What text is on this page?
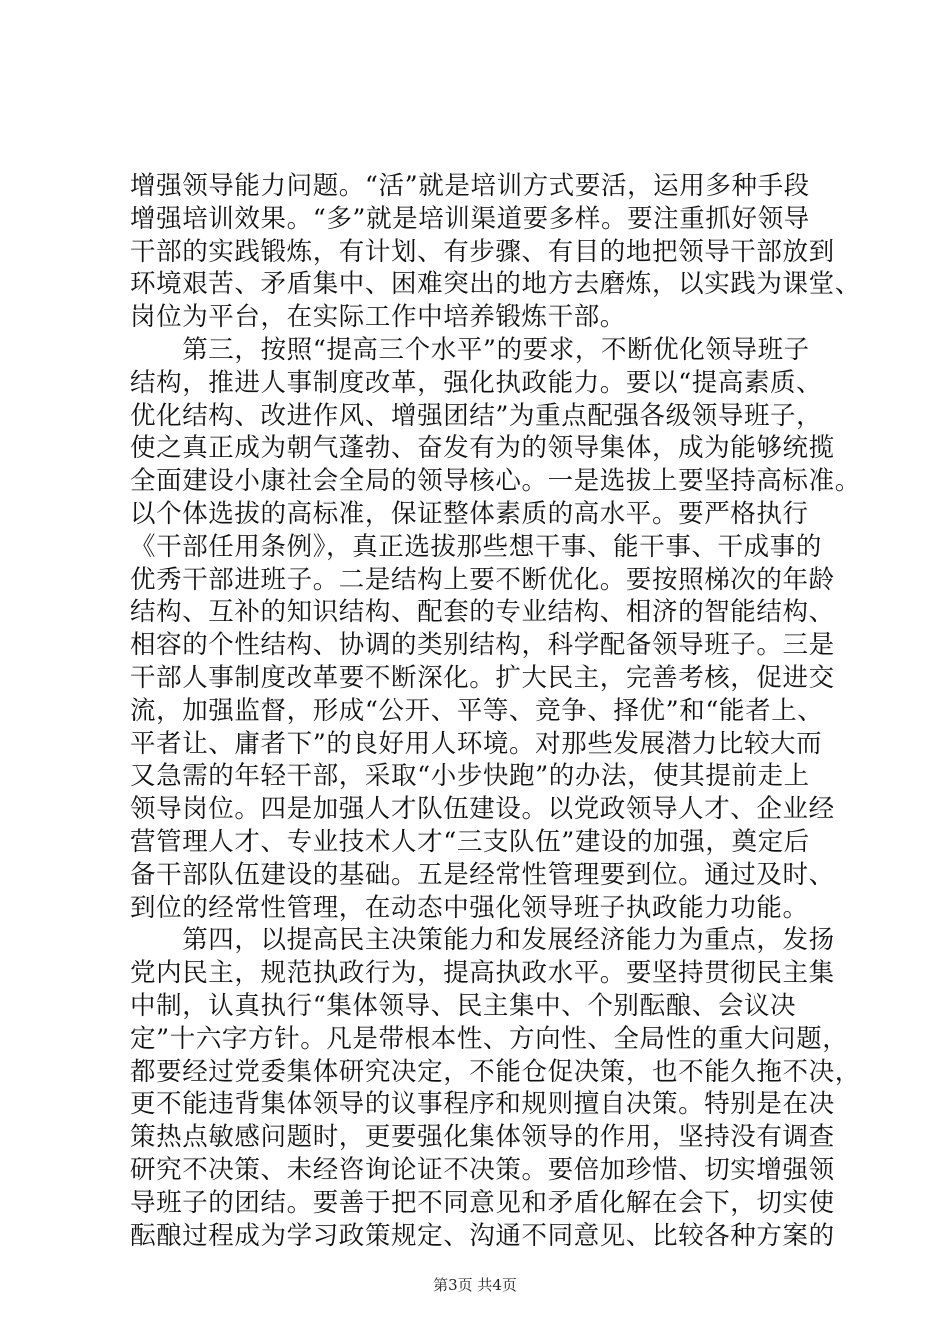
增强领导能力问题。“活”就是培训方式要活，运用多种手段
增强培训效果。“多”就是培训渠道要多样。要注重抓好领导
干部的实践锻炼，有计划、有步骤、有目的地把领导干部放到
环境艰苦、矛盾集中、困难突出的地方去磨炼，以实践为课堂、
岗位为平台，在实际工作中培养锻炼干部。
　　第三，按照“提高三个水平”的要求，不断优化领导班子
结构，推进人事制度改革，强化执政能力。要以“提高素质、
优化结构、改进作风、增强团结”为重点配强各级领导班子，
使之真正成为朝气蓬勃、奋发有为的领导集体，成为能够统揽
全面建设小康社会全局的领导核心。一是选拔上要坚持高标准。
以个体选拔的高标准，保证整体素质的高水平。要严格执行
《干部任用条例》，真正选拔那些想干事、能干事、干成事的
优秀干部进班子。二是结构上要不断优化。要按照梯次的年龄
结构、互补的知识结构、配套的专业结构、相济的智能结构、
相容的个性结构、协调的类别结构，科学配备领导班子。三是
干部人事制度改革要不断深化。扩大民主，完善考核，促进交
流，加强监督，形成“公开、平等、竞争、择优”和“能者上、
平者让、庸者下”的良好用人环境。对那些发展潜力比较大而
又急需的年轻干部，采取“小步快跑”的办法，使其提前走上
领导岗位。四是加强人才队伍建设。以党政领导人才、企业经
营管理人才、专业技术人才“三支队伍”建设的加强，奠定后
备干部队伍建设的基础。五是经常性管理要到位。通过及时、
到位的经常性管理，在动态中强化领导班子执政能力功能。
　　第四，以提高民主决策能力和发展经济能力为重点，发扬
党内民主，规范执政行为，提高执政水平。要坚持贯彻民主集
中制，认真执行“集体领导、民主集中、个别酝酿、会议决
定”十六字方针。凡是带根本性、方向性、全局性的重大问题，
都要经过党委集体研究决定，不能仓促决策，也不能久拖不决，
更不能违背集体领导的议事程序和规则擅自决策。特别是在决
策热点敏感问题时，更要强化集体领导的作用，坚持没有调查
研究不决策、未经咨询论证不决策。要倍加珍惜、切实增强领
导班子的团结。要善于把不同意见和矛盾化解在会下，切实使
酝酿过程成为学习政策规定、沟通不同意见、比较各种方案的
第3页 共4页
